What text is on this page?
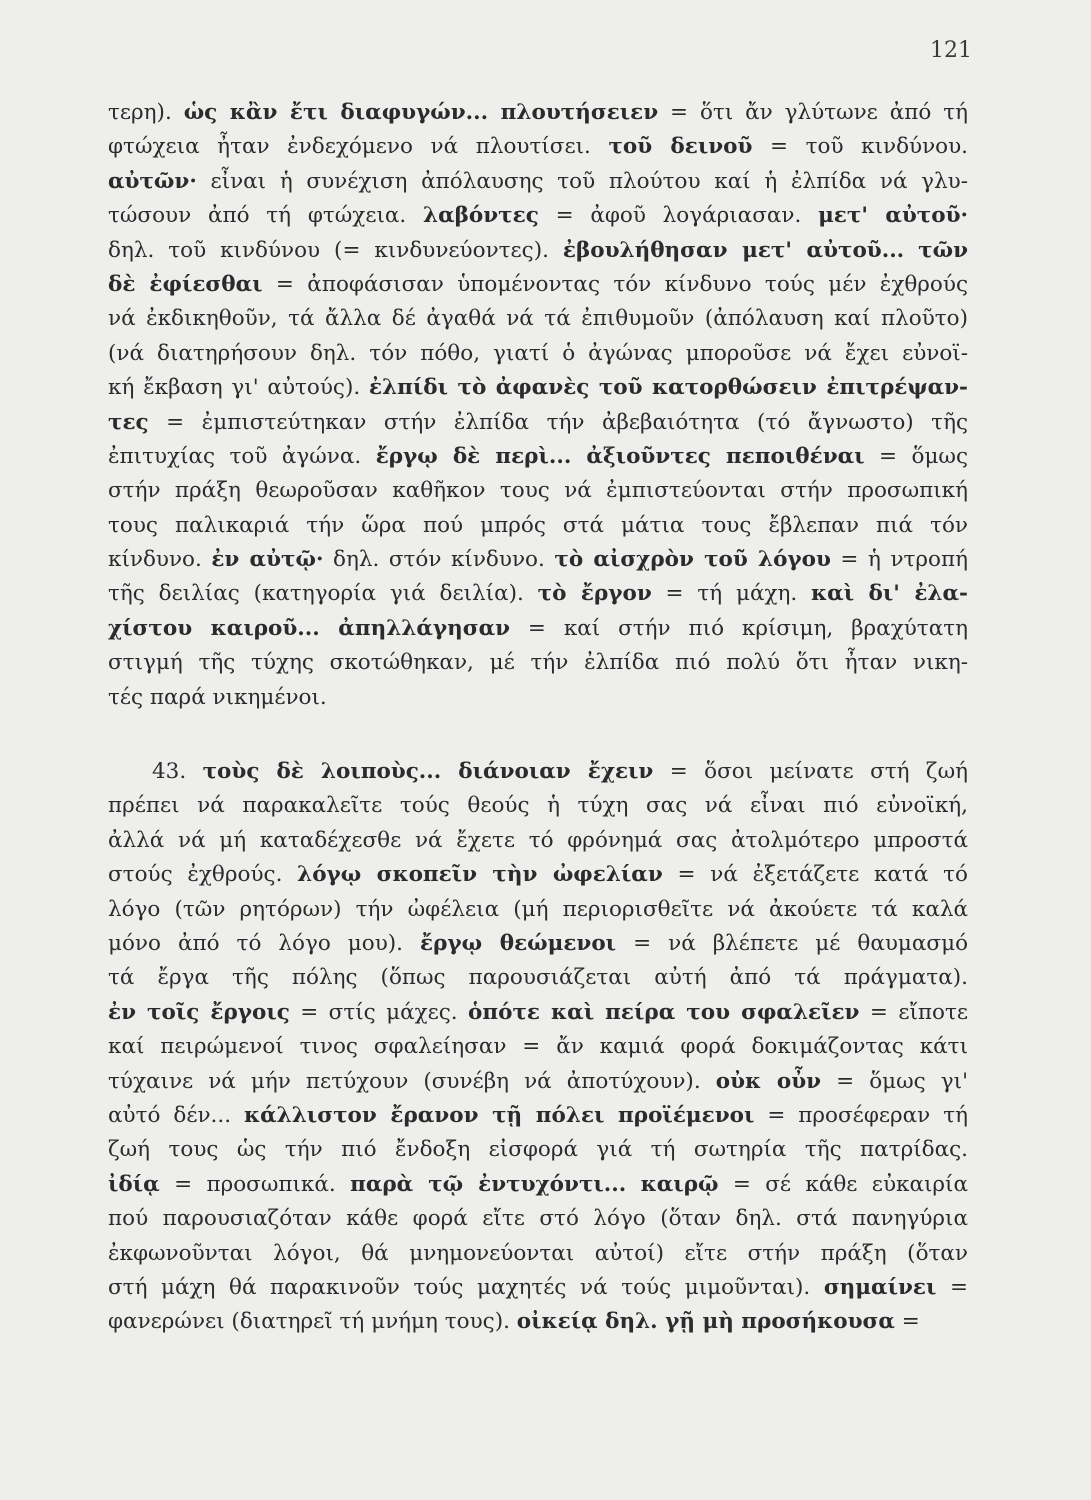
121
τερη). ὡς κἂν ἔτι διαφυγών... πλουτήσειεν = ὅτι ἄν γλύτωνε ἀπό τή
φτώχεια ἦταν ἐνδεχόμενο νά πλουτίσει. τοῦ δεινοῦ = τοῦ κινδύνου.
αὐτῶν· εἶναι ἡ συνέχιση ἀπόλαυσης τοῦ πλούτου καί ἡ ἐλπίδα νά γλυ-
τώσουν ἀπό τή φτώχεια. λαβόντες = ἀφοῦ λογάριασαν. μετ' αὐτοῦ·
δηλ. τοῦ κινδύνου (= κινδυνεύοντες). ἐβουλήθησαν μετ' αὐτοῦ... τῶν
δὲ ἐφίεσθαι = ἀποφάσισαν ὑπομένοντας τόν κίνδυνο τούς μέν ἐχθρούς
νά ἐκδικηθοῦν, τά ἄλλα δέ ἀγαθά νά τά ἐπιθυμοῦν (ἀπόλαυση καί πλοῦτο)
(νά διατηρήσουν δηλ. τόν πόθο, γιατί ὁ ἀγώνας μποροῦσε νά ἔχει εὐνοϊ-
κή ἔκβαση γι' αὐτούς). ἐλπίδι τὸ ἀφανὲς τοῦ κατορθώσειν ἐπιτρέψαν-
τες = ἐμπιστεύτηκαν στήν ἐλπίδα τήν ἀβεβαιότητα (τό ἄγνωστο) τῆς
ἐπιτυχίας τοῦ ἀγώνα. ἔργῳ δὲ περὶ... ἀξιοῦντες πεποιθέναι = ὅμως
στήν πράξη θεωροῦσαν καθῆκον τους νά ἐμπιστεύονται στήν προσωπική
τους παλικαριά τήν ὥρα πού μπρός στά μάτια τους ἔβλεπαν πιά τόν
κίνδυνο. ἐν αὐτῷ· δηλ. στόν κίνδυνο. τὸ αἰσχρὸν τοῦ λόγου = ἡ ντροπή
τῆς δειλίας (κατηγορία γιά δειλία). τὸ ἔργον = τή μάχη. καὶ δι' ἐλα-
χίστου καιροῦ... ἀπηλλάγησαν = καί στήν πιό κρίσιμη, βραχύτατη
στιγμή τῆς τύχης σκοτώθηκαν, μέ τήν ἐλπίδα πιό πολύ ὅτι ἦταν νικη-
τές παρά νικημένοι.
43. τοὺς δὲ λοιποὺς... διάνοιαν ἔχειν = ὅσοι μείνατε στή ζωή
πρέπει νά παρακαλεῖτε τούς θεούς ἡ τύχη σας νά εἶναι πιό εὐνοϊκή,
ἀλλά νά μή καταδέχεσθε νά ἔχετε τό φρόνημά σας ἀτολμότερο μπροστά
στούς ἐχθρούς. λόγῳ σκοπεῖν τὴν ὠφελίαν = νά ἐξετάζετε κατά τό
λόγο (τῶν ρητόρων) τήν ὠφέλεια (μή περιορισθεῖτε νά ἀκούετε τά καλά
μόνο ἀπό τό λόγο μου). ἔργῳ θεώμενοι = νά βλέπετε μέ θαυμασμό
τά ἔργα τῆς πόλης (ὅπως παρουσιάζεται αὐτή ἀπό τά πράγματα).
ἐν τοῖς ἔργοις = στίς μάχες. ὁπότε καὶ πείρα του σφαλεῖεν = εἴποτε
καί πειρώμενοί τινος σφαλείησαν = ἄν καμιά φορά δοκιμάζοντας κάτι
τύχαινε νά μήν πετύχουν (συνέβη νά ἀποτύχουν). οὐκ οὖν = ὅμως γι'
αὐτό δέν... κάλλιστον ἔρανον τῇ πόλει προϊέμενοι = προσέφεραν τή
ζωή τους ὡς τήν πιό ἔνδοξη εἰσφορά γιά τή σωτηρία τῆς πατρίδας.
ἰδίᾳ = προσωπικά. παρὰ τῷ ἐντυχόντι... καιρῷ = σέ κάθε εὐκαιρία
πού παρουσιαζόταν κάθε φορά εἴτε στό λόγο (ὅταν δηλ. στά πανηγύρια
ἐκφωνοῦνται λόγοι, θά μνημονεύονται αὐτοί) εἴτε στήν πράξη (ὅταν
στή μάχη θά παρακινοῦν τούς μαχητές νά τούς μιμοῦνται). σημαίνει =
φανερώνει (διατηρεῖ τή μνήμη τους). οἰκείᾳ δηλ. γῇ μὴ προσήκουσα =
